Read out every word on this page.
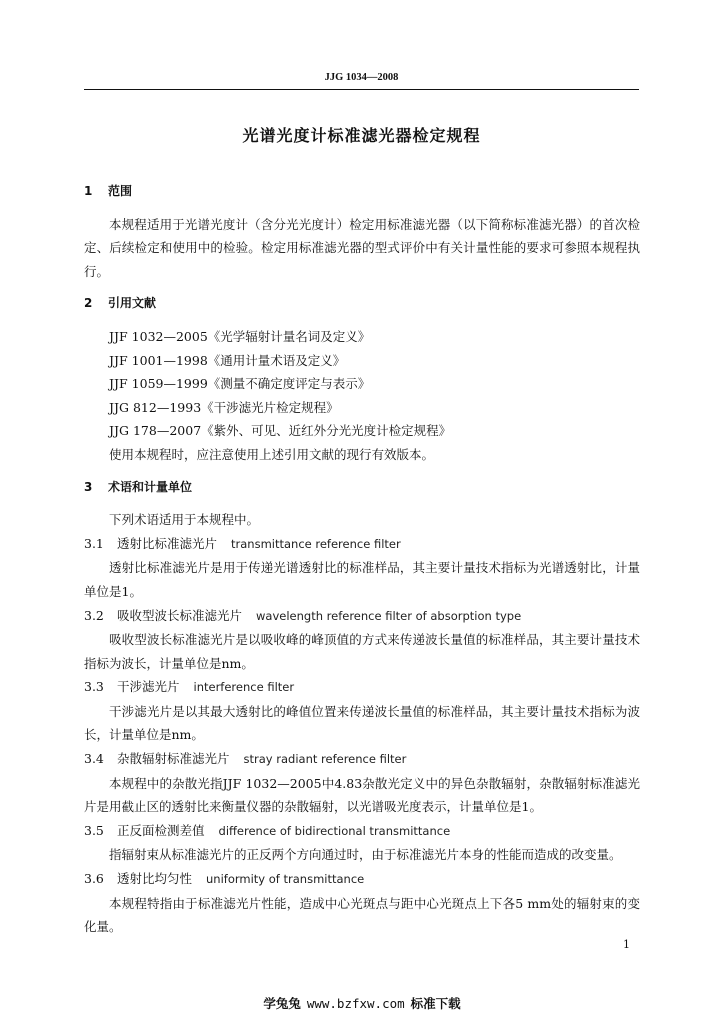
JJG 1034—2008
光谱光度计标准滤光器检定规程

1 范围

本规程适用于光谱光度计（含分光光度计）检定用标准滤光器（以下简称标准滤光器）的首次检定、后续检定和使用中的检验。检定用标准滤光器的型式评价中有关计量性能的要求可参照本规程执行。

2 引用文献

JJF 1032—2005《光学辐射计量名词及定义》

JJF 1001—1998《通用计量术语及定义》

JJF 1059—1999《测量不确定度评定与表示》

JJG 812—1993《干涉滤光片检定规程》

JJG 178—2007《紫外、可见、近红外分光光度计检定规程》

使用本规程时，应注意使用上述引用文献的现行有效版本。

3 术语和计量单位

下列术语适用于本规程中。

3.1 透射比标准滤光片 transmittance reference filter

透射比标准滤光片是用于传递光谱透射比的标准样品，其主要计量技术指标为光谱透射比，计量单位是1。

3.2 吸收型波长标准滤光片 wavelength reference filter of absorption type

吸收型波长标准滤光片是以吸收峰的峰顶值的方式来传递波长量值的标准样品，其主要计量技术指标为波长，计量单位是nm。

3.3 干涉滤光片 interference filter

干涉滤光片是以其最大透射比的峰值位置来传递波长量值的标准样品，其主要计量技术指标为波长，计量单位是nm。

3.4 杂散辐射标准滤光片 stray radiant reference filter

本规程中的杂散光指JJF 1032—2005中4.83杂散光定义中的异色杂散辐射，杂散辐射标准滤光片是用截止区的透射比来衡量仪器的杂散辐射，以光谱吸光度表示，计量单位是1。

3.5 正反面检测差值 difference of bidirectional transmittance

指辐射束从标准滤光片的正反两个方向通过时，由于标准滤光片本身的性能而造成的改变量。

3.6 透射比均匀性 uniformity of transmittance

本规程特指由于标准滤光片性能，造成中心光斑点与距中心光斑点上下各5 mm处的辐射束的变化量。

1
学兔兔 www.bzfxw.com 标准下载
